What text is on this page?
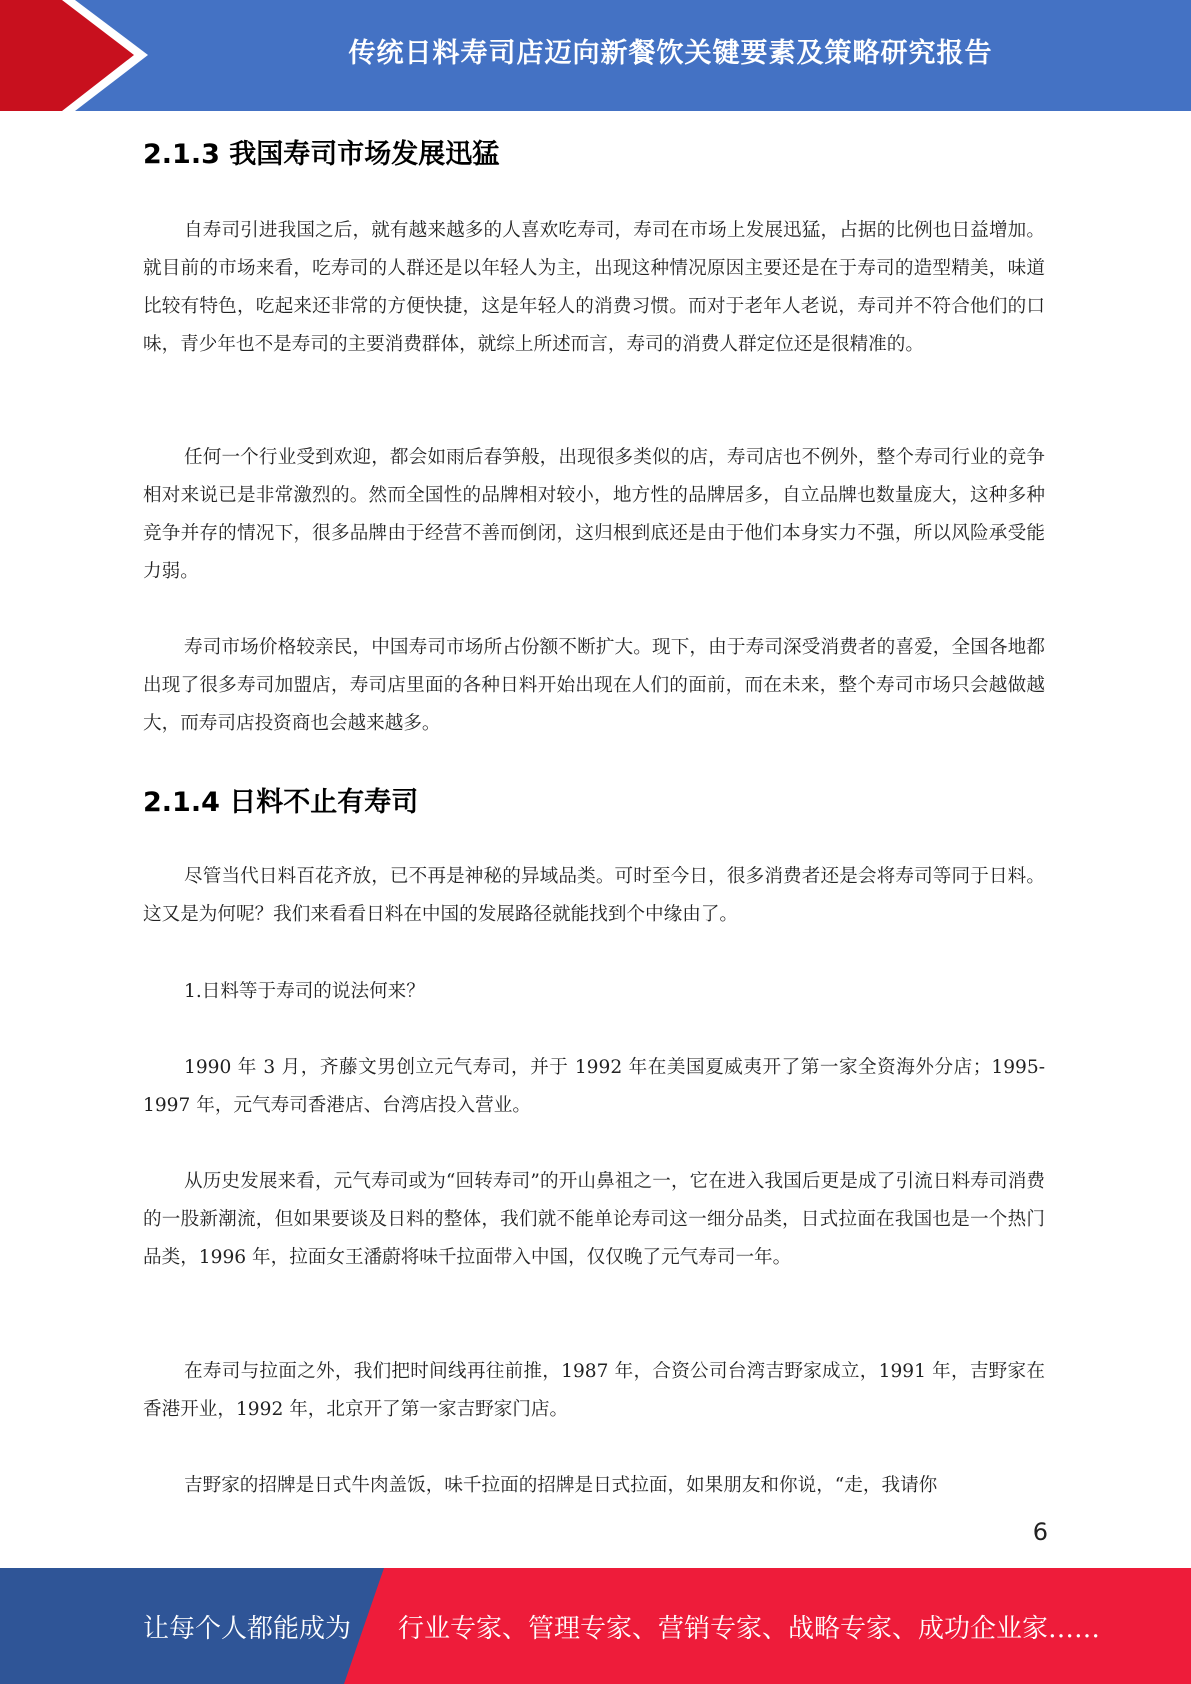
传统日料寿司店迈向新餐饮关键要素及策略研究报告
2.1.3 我国寿司市场发展迅猛

自寿司引进我国之后，就有越来越多的人喜欢吃寿司，寿司在市场上发展迅猛，占据的比例也日益增加。就目前的市场来看，吃寿司的人群还是以年轻人为主，出现这种情况原因主要还是在于寿司的造型精美，味道比较有特色，吃起来还非常的方便快捷，这是年轻人的消费习惯。而对于老年人老说，寿司并不符合他们的口味，青少年也不是寿司的主要消费群体，就综上所述而言，寿司的消费人群定位还是很精准的。

任何一个行业受到欢迎，都会如雨后春笋般，出现很多类似的店，寿司店也不例外，整个寿司行业的竞争相对来说已是非常激烈的。然而全国性的品牌相对较小，地方性的品牌居多，自立品牌也数量庞大，这种多种竞争并存的情况下，很多品牌由于经营不善而倒闭，这归根到底还是由于他们本身实力不强，所以风险承受能力弱。

寿司市场价格较亲民，中国寿司市场所占份额不断扩大。现下，由于寿司深受消费者的喜爱，全国各地都出现了很多寿司加盟店，寿司店里面的各种日料开始出现在人们的面前，而在未来，整个寿司市场只会越做越大，而寿司店投资商也会越来越多。

2.1.4 日料不止有寿司

尽管当代日料百花齐放，已不再是神秘的异域品类。可时至今日，很多消费者还是会将寿司等同于日料。这又是为何呢？我们来看看日料在中国的发展路径就能找到个中缘由了。

1.日料等于寿司的说法何来？

1990 年 3 月，齐藤文男创立元气寿司，并于 1992 年在美国夏威夷开了第一家全资海外分店；1995-1997 年，元气寿司香港店、台湾店投入营业。

从历史发展来看，元气寿司或为“回转寿司”的开山鼻祖之一，它在进入我国后更是成了引流日料寿司消费的一股新潮流，但如果要谈及日料的整体，我们就不能单论寿司这一细分品类，日式拉面在我国也是一个热门品类，1996 年，拉面女王潘蔚将味千拉面带入中国，仅仅晚了元气寿司一年。

在寿司与拉面之外，我们把时间线再往前推，1987 年，合资公司台湾吉野家成立，1991 年，吉野家在香港开业，1992 年，北京开了第一家吉野家门店。

吉野家的招牌是日式牛肉盖饭，味千拉面的招牌是日式拉面，如果朋友和你说，“走，我请你

6
让每个人都能成为 行业专家、管理专家、营销专家、战略专家、成功企业家……
